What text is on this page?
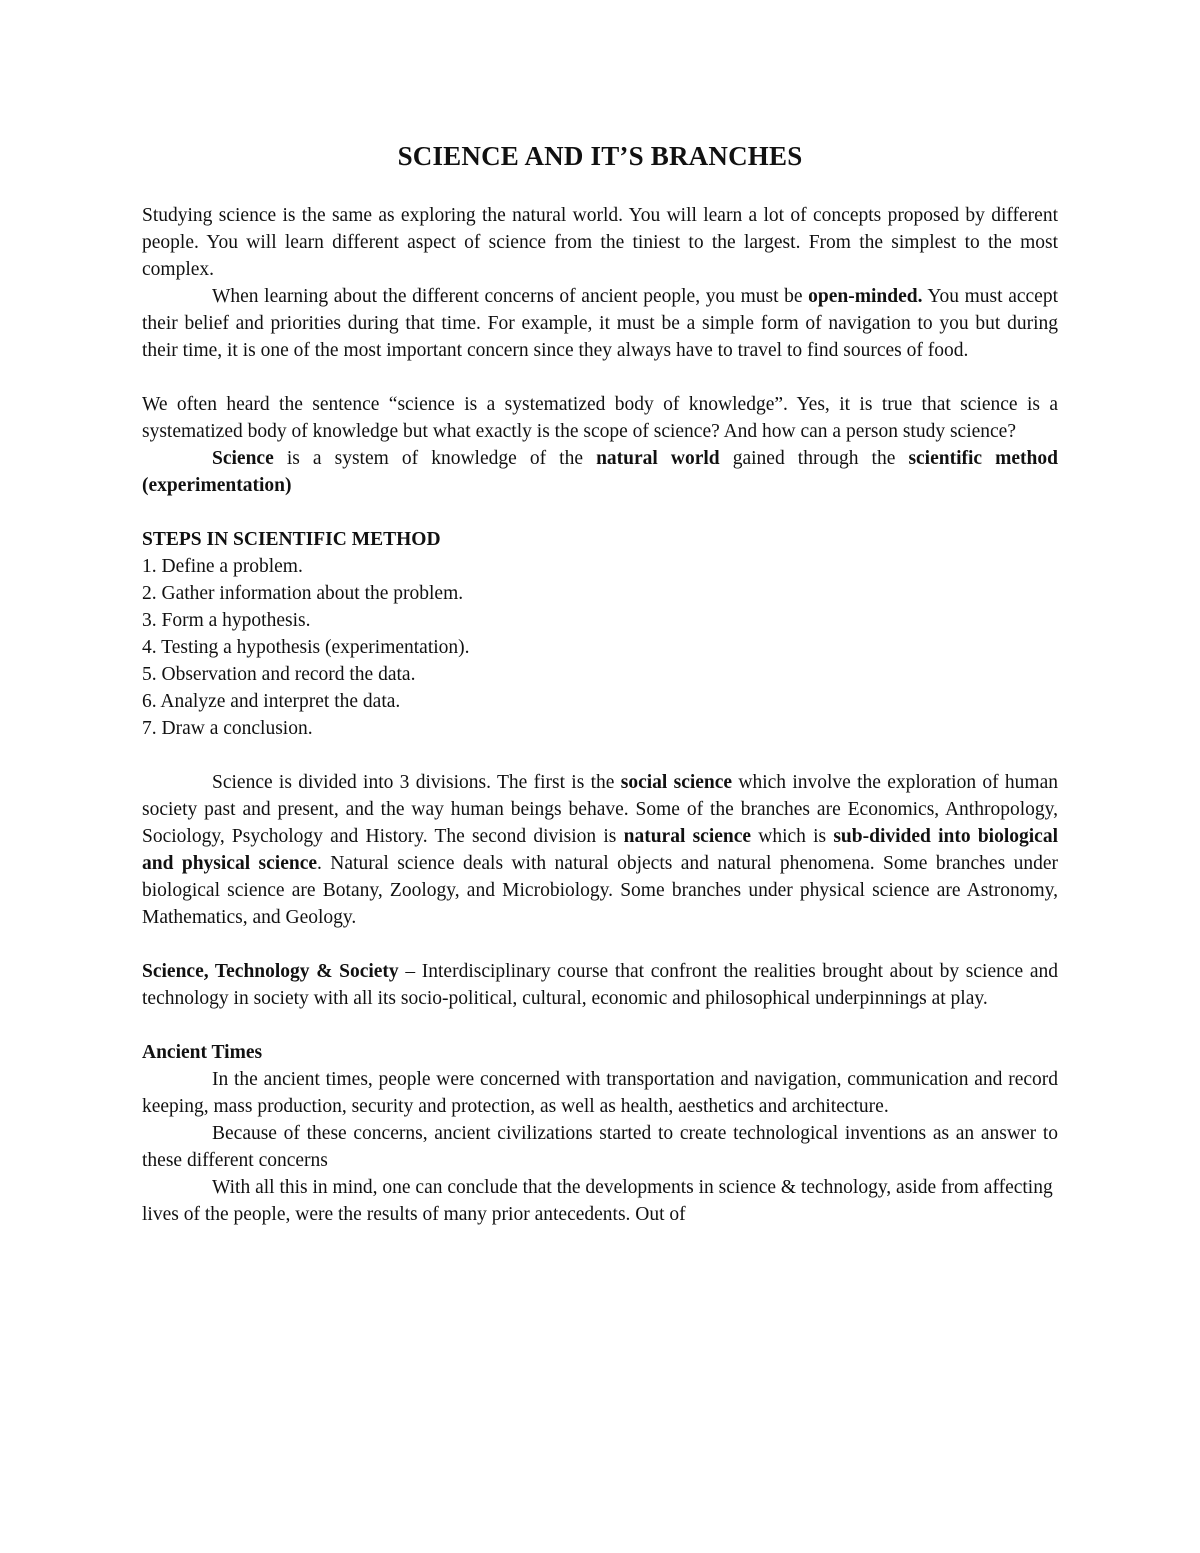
SCIENCE AND IT’S BRANCHES

Studying science is the same as exploring the natural world. You will learn a lot of concepts proposed by different people. You will learn different aspect of science from the tiniest to the largest. From the simplest to the most complex.

When learning about the different concerns of ancient people, you must be open-minded. You must accept their belief and priorities during that time. For example, it must be a simple form of navigation to you but during their time, it is one of the most important concern since they always have to travel to find sources of food.

We often heard the sentence “science is a systematized body of knowledge”. Yes, it is true that science is a systematized body of knowledge but what exactly is the scope of science? And how can a person study science?

Science is a system of knowledge of the natural world gained through the scientific method (experimentation)

STEPS IN SCIENTIFIC METHOD

1. Define a problem.
2. Gather information about the problem.
3. Form a hypothesis.
4. Testing a hypothesis (experimentation).
5. Observation and record the data.
6. Analyze and interpret the data.
7. Draw a conclusion.

Science is divided into 3 divisions. The first is the social science which involve the exploration of human society past and present, and the way human beings behave. Some of the branches are Economics, Anthropology, Sociology, Psychology and History. The second division is natural science which is sub-divided into biological and physical science. Natural science deals with natural objects and natural phenomena. Some branches under biological science are Botany, Zoology, and Microbiology. Some branches under physical science are Astronomy, Mathematics, and Geology.

Science, Technology & Society – Interdisciplinary course that confront the realities brought about by science and technology in society with all its socio-political, cultural, economic and philosophical underpinnings at play.

Ancient Times

In the ancient times, people were concerned with transportation and navigation, communication and record keeping, mass production, security and protection, as well as health, aesthetics and architecture.

Because of these concerns, ancient civilizations started to create technological inventions as an answer to these different concerns

With all this in mind, one can conclude that the developments in science & technology, aside from affecting lives of the people, were the results of many prior antecedents. Out of
